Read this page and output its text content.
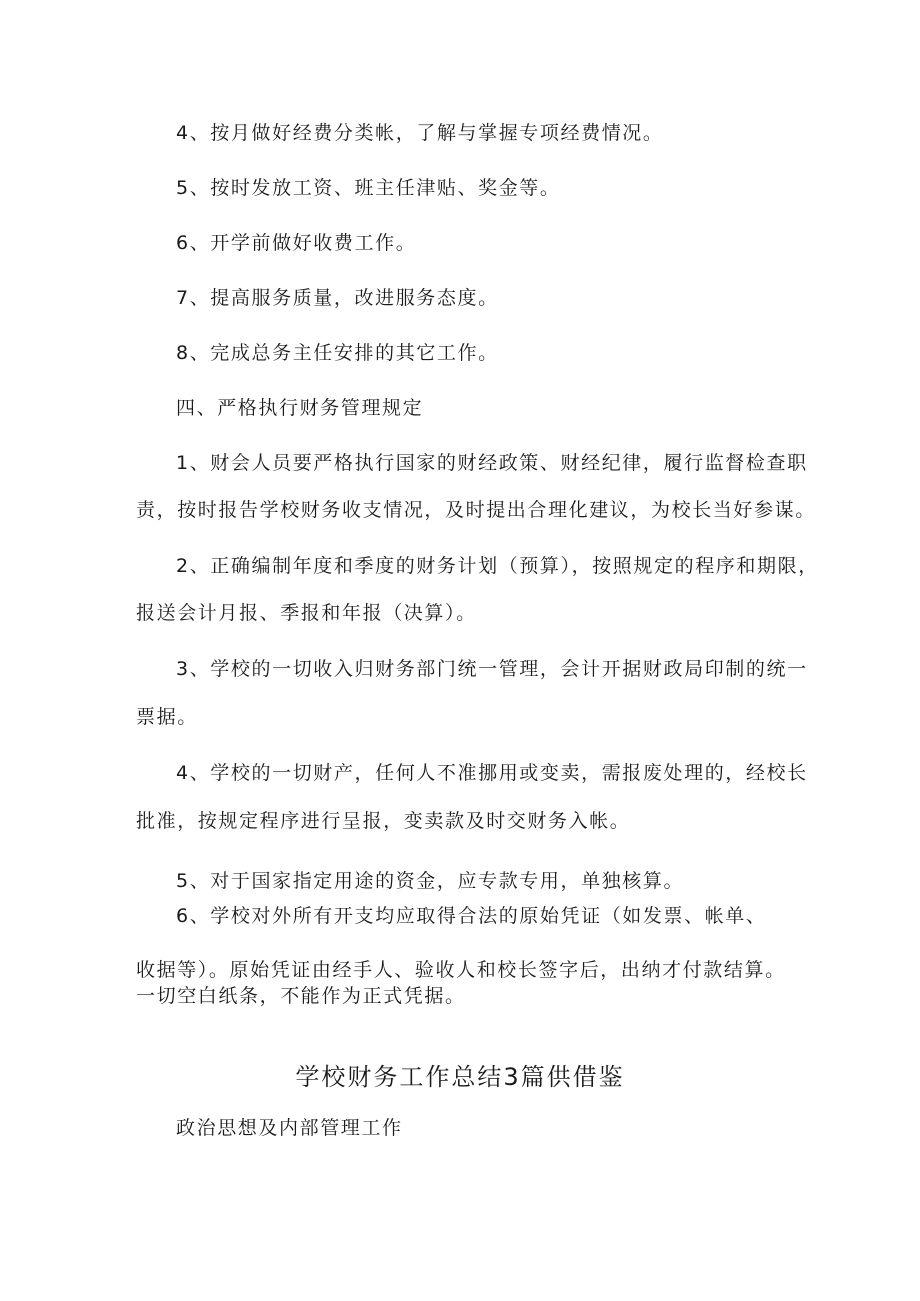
4、按月做好经费分类帐，了解与掌握专项经费情况。
5、按时发放工资、班主任津贴、奖金等。
6、开学前做好收费工作。
7、提高服务质量，改进服务态度。
8、完成总务主任安排的其它工作。
四、严格执行财务管理规定
1、财会人员要严格执行国家的财经政策、财经纪律，履行监督检查职
责，按时报告学校财务收支情况，及时提出合理化建议，为校长当好参谋。
2、正确编制年度和季度的财务计划（预算），按照规定的程序和期限，
报送会计月报、季报和年报（决算）。
3、学校的一切收入归财务部门统一管理，会计开据财政局印制的统一
票据。
4、学校的一切财产，任何人不准挪用或变卖，需报废处理的，经校长
批准，按规定程序进行呈报，变卖款及时交财务入帐。
5、对于国家指定用途的资金，应专款专用，单独核算。
6、学校对外所有开支均应取得合法的原始凭证（如发票、帐单、
收据等）。原始凭证由经手人、验收人和校长签字后，出纳才付款结算。
一切空白纸条，不能作为正式凭据。
学校财务工作总结3篇供借鉴
政治思想及内部管理工作
